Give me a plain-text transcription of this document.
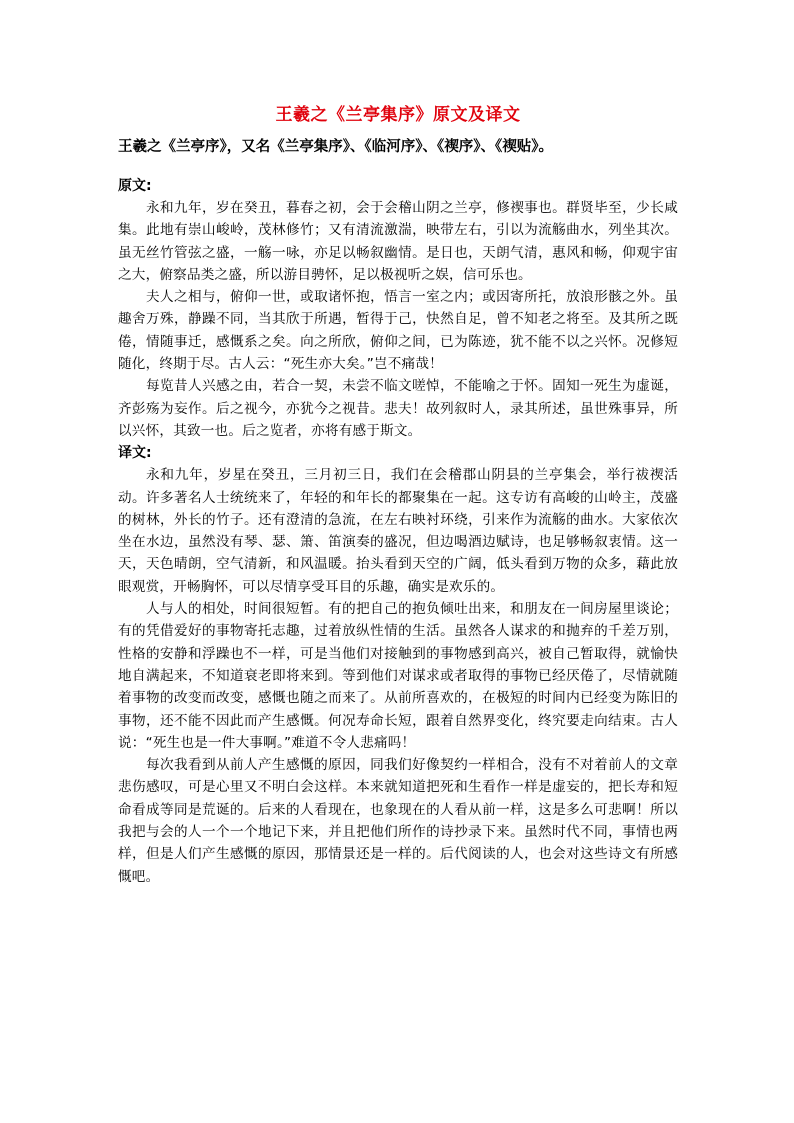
王羲之《兰亭集序》原文及译文

王羲之《兰亭序》，又名《兰亭集序》、《临河序》、《禊序》、《禊贴》。

原文:

永和九年，岁在癸丑，暮春之初，会于会稽山阴之兰亭，修禊事也。群贤毕至，少长咸集。此地有崇山峻岭，茂林修竹；又有清流激湍，映带左右，引以为流觞曲水，列坐其次。虽无丝竹管弦之盛，一觞一咏，亦足以畅叙幽情。是日也，天朗气清，惠风和畅，仰观宇宙之大，俯察品类之盛，所以游目骋怀，足以极视听之娱，信可乐也。

夫人之相与，俯仰一世，或取诸怀抱，悟言一室之内；或因寄所托，放浪形骸之外。虽趣舍万殊，静躁不同，当其欣于所遇，暂得于己，快然自足，曾不知老之将至。及其所之既倦，情随事迁，感慨系之矣。向之所欣，俯仰之间，已为陈迹，犹不能不以之兴怀。况修短随化，终期于尽。古人云：“死生亦大矣。”岂不痛哉！

每览昔人兴感之由，若合一契，未尝不临文嗟悼，不能喻之于怀。固知一死生为虚诞，齐彭殇为妄作。后之视今，亦犹今之视昔。悲夫！故列叙时人，录其所述，虽世殊事异，所以兴怀，其致一也。后之览者，亦将有感于斯文。

译文:

永和九年，岁星在癸丑，三月初三日，我们在会稽郡山阴县的兰亭集会，举行祓禊活动。许多著名人士统统来了，年轻的和年长的都聚集在一起。这专访有高峻的山岭主，茂盛的树林，外长的竹子。还有澄清的急流，在左右映衬环绕，引来作为流觞的曲水。大家依次坐在水边，虽然没有琴、瑟、箫、笛演奏的盛况，但边喝酒边赋诗，也足够畅叙衷情。这一天，天色晴朗，空气清新，和风温暖。抬头看到天空的广阔，低头看到万物的众多，藉此放眼观赏，开畅胸怀，可以尽情享受耳目的乐趣，确实是欢乐的。

人与人的相处，时间很短暂。有的把自己的抱负倾吐出来，和朋友在一间房屋里谈论；有的凭借爱好的事物寄托志趣，过着放纵性情的生活。虽然各人谋求的和抛弃的千差万别，性格的安静和浮躁也不一样，可是当他们对接触到的事物感到高兴，被自己暂取得，就愉快地自满起来，不知道衰老即将来到。等到他们对谋求或者取得的事物已经厌倦了，尽情就随着事物的改变而改变，感慨也随之而来了。从前所喜欢的，在极短的时间内已经变为陈旧的事物，还不能不因此而产生感慨。何况寿命长短，跟着自然界变化，终究要走向结束。古人说：“死生也是一件大事啊。”难道不令人悲痛吗！

每次我看到从前人产生感慨的原因，同我们好像契约一样相合，没有不对着前人的文章悲伤感叹，可是心里又不明白会这样。本来就知道把死和生看作一样是虚妄的，把长寿和短命看成等同是荒诞的。后来的人看现在，也象现在的人看从前一样，这是多么可悲啊！所以我把与会的人一个一个地记下来，并且把他们所作的诗抄录下来。虽然时代不同，事情也两样，但是人们产生感慨的原因，那情景还是一样的。后代阅读的人，也会对这些诗文有所感慨吧。
